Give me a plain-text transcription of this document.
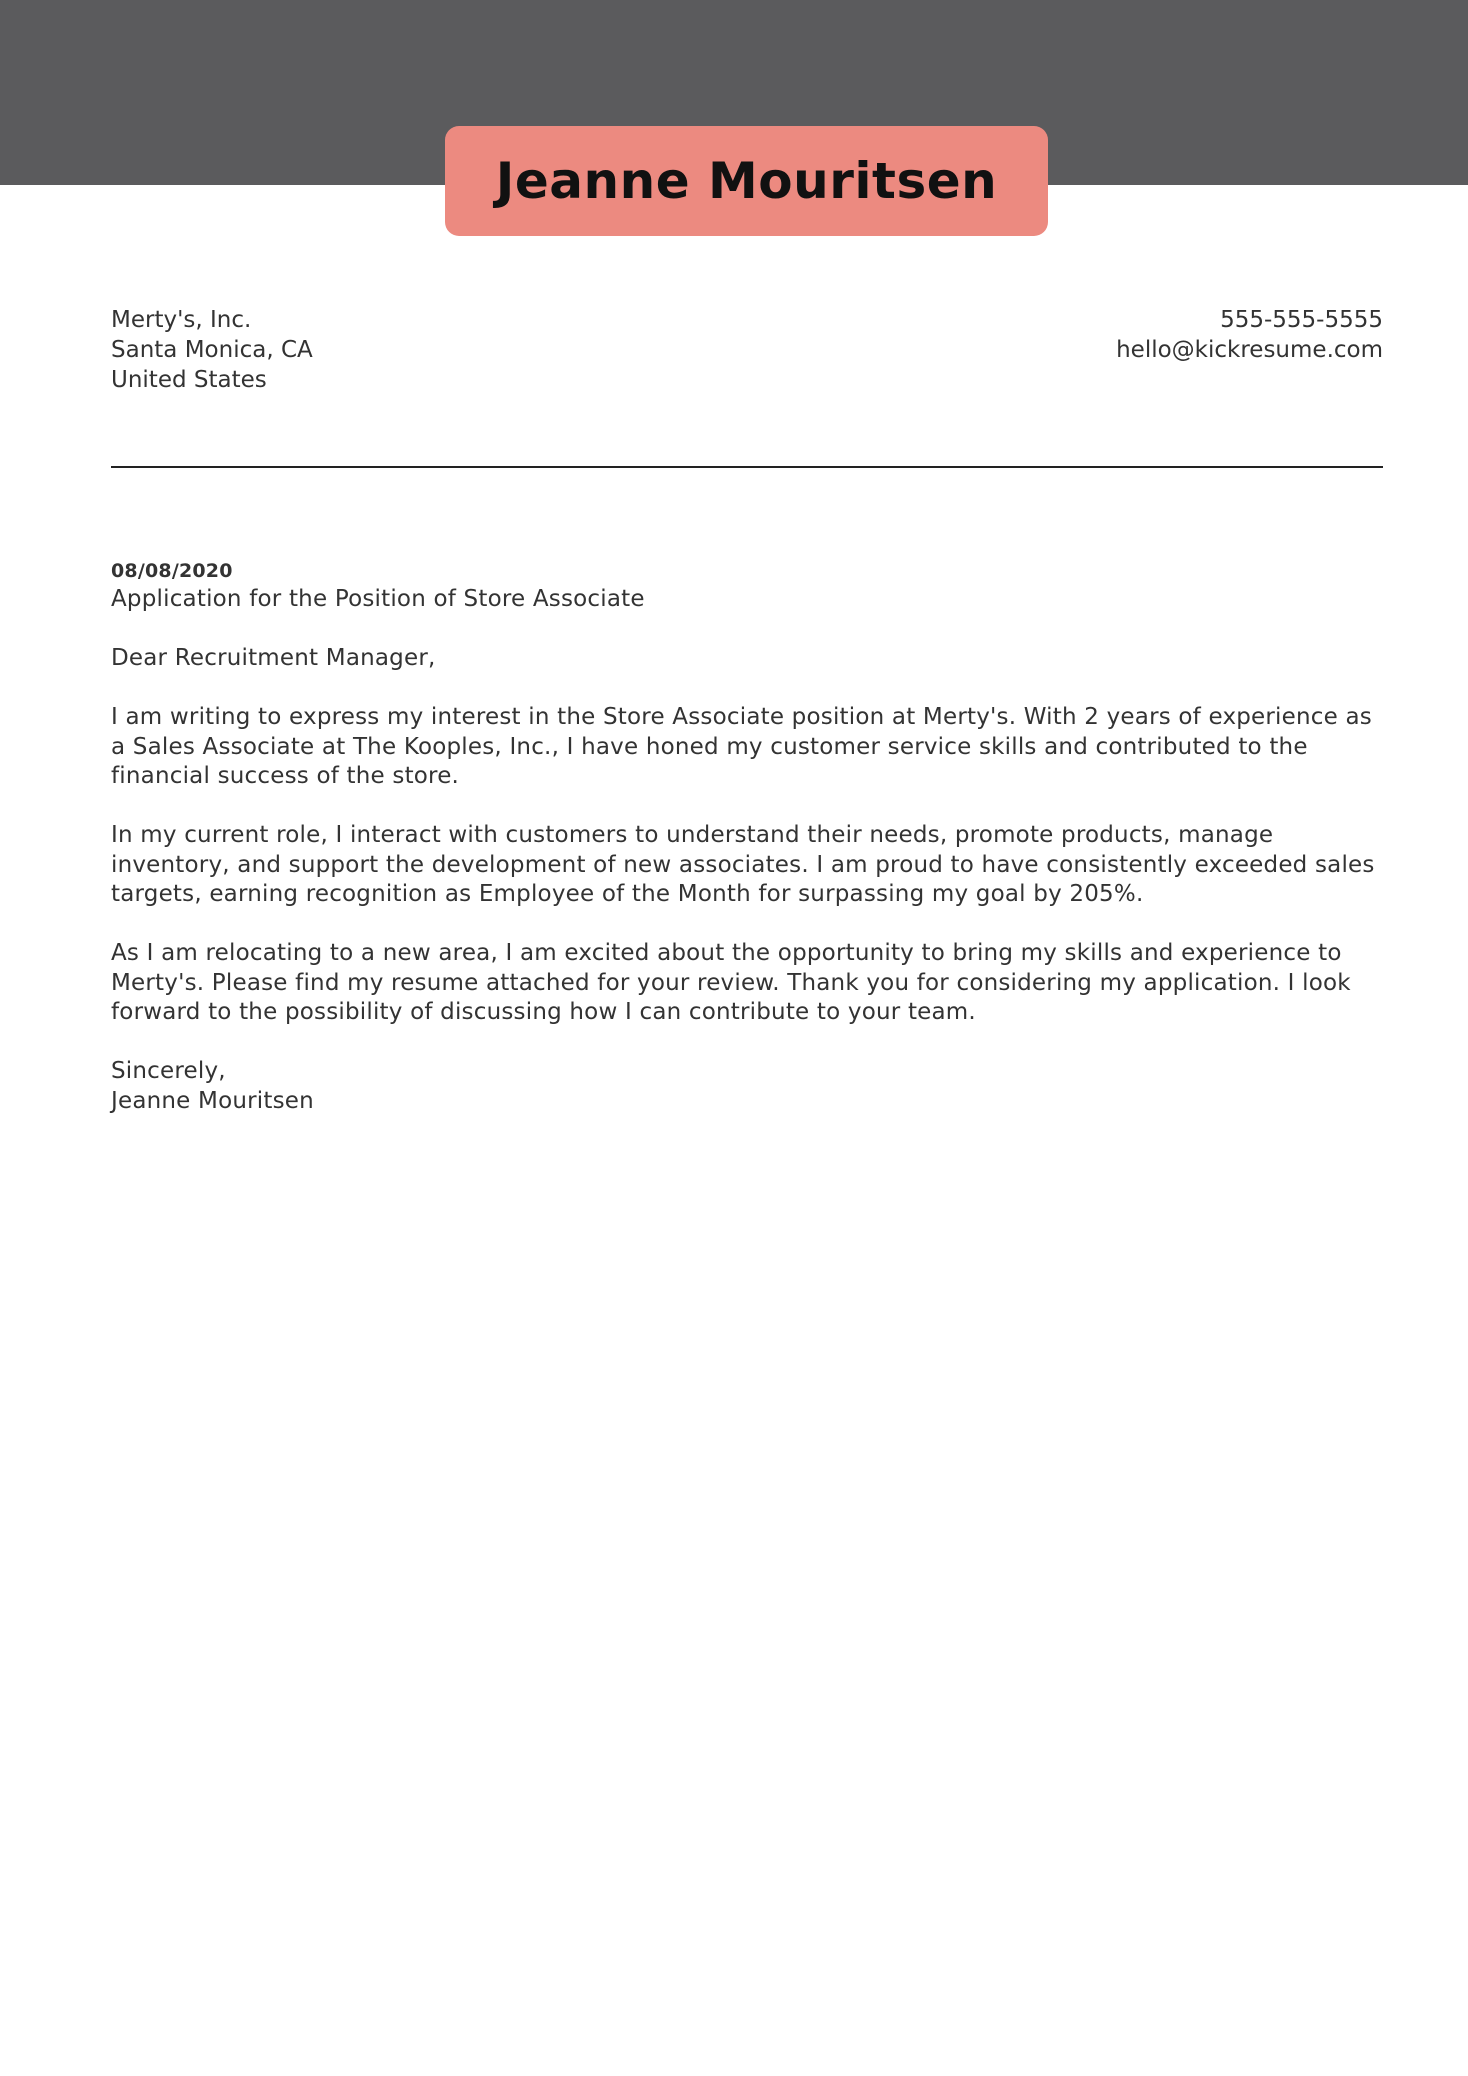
Jeanne Mouritsen
Merty's, Inc.
Santa Monica, CA
United States
555-555-5555
hello@kickresume.com
08/08/2020
Application for the Position of Store Associate

Dear Recruitment Manager,

I am writing to express my interest in the Store Associate position at Merty's. With 2 years of experience as a Sales Associate at The Kooples, Inc., I have honed my customer service skills and contributed to the financial success of the store.

In my current role, I interact with customers to understand their needs, promote products, manage inventory, and support the development of new associates. I am proud to have consistently exceeded sales targets, earning recognition as Employee of the Month for surpassing my goal by 205%.

As I am relocating to a new area, I am excited about the opportunity to bring my skills and experience to Merty's. Please find my resume attached for your review. Thank you for considering my application. I look forward to the possibility of discussing how I can contribute to your team.

Sincerely,
Jeanne Mouritsen
